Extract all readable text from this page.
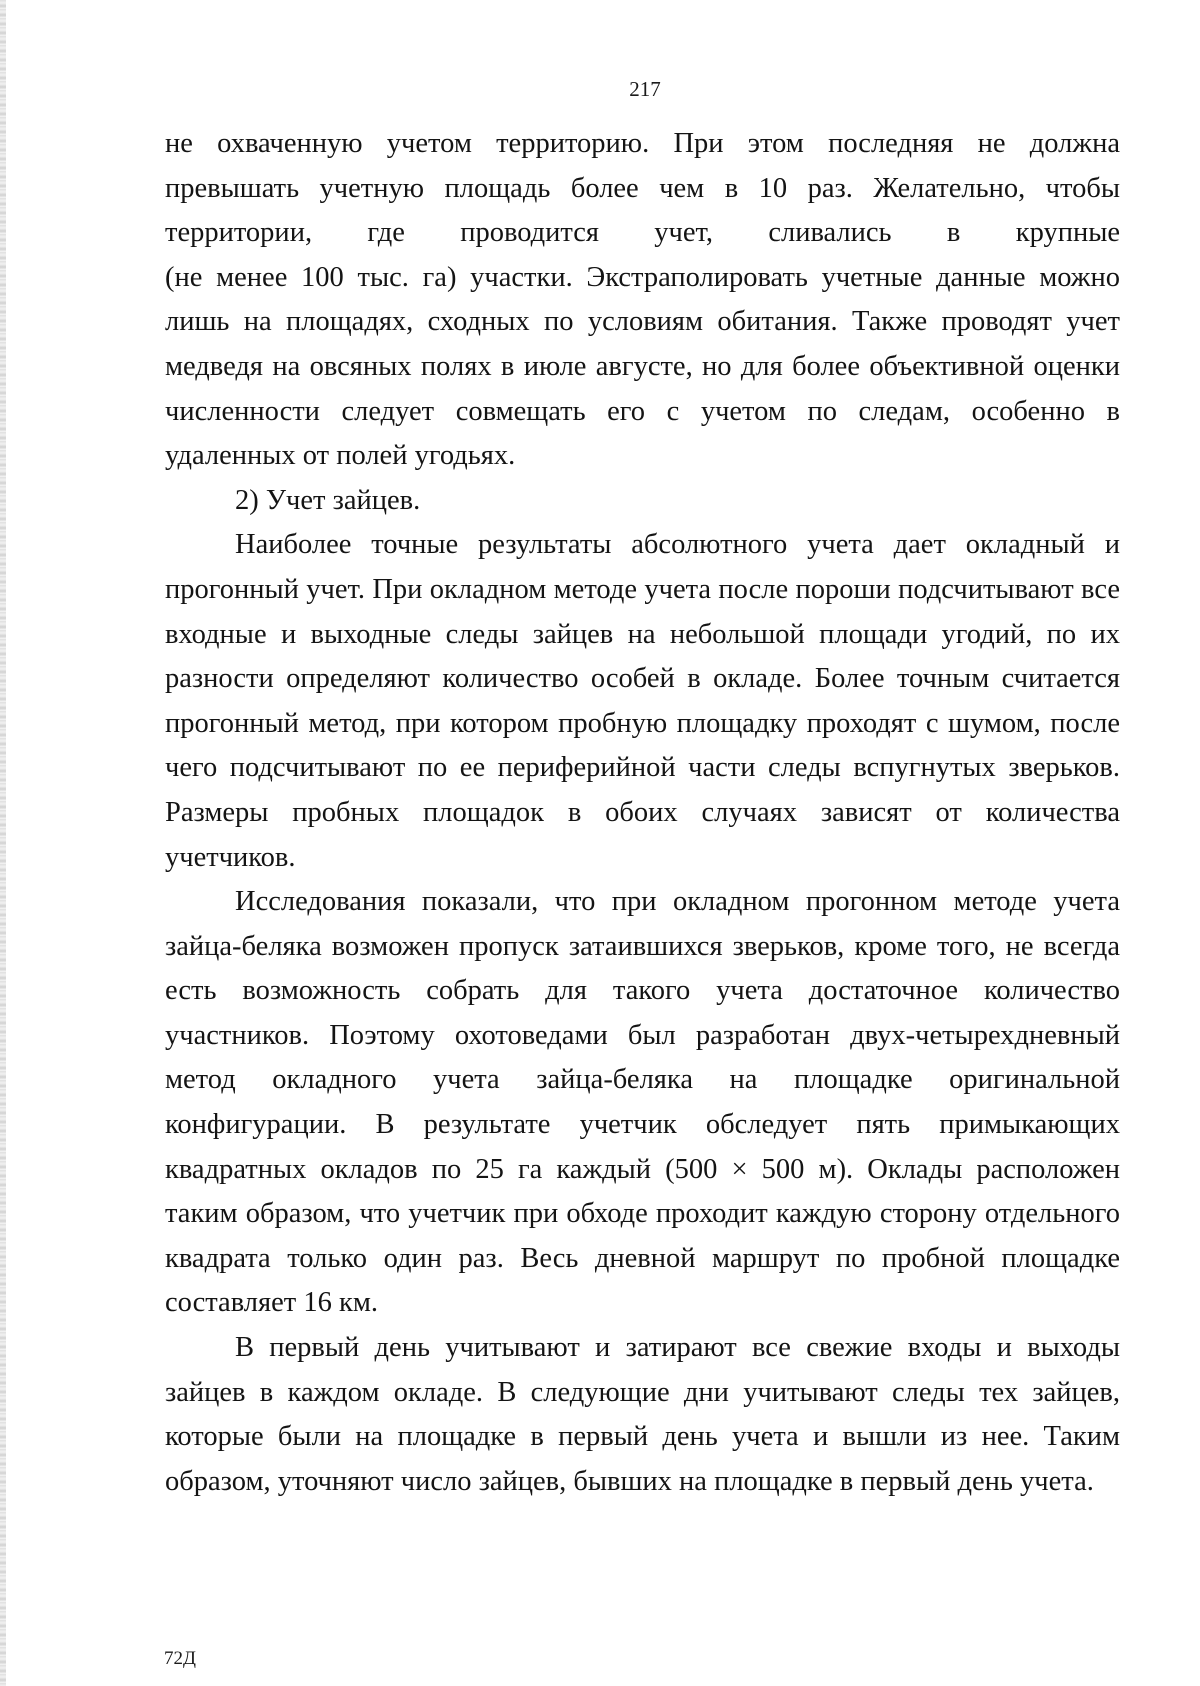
217

не охваченную учетом территорию. При этом последняя не должна превышать учетную площадь более чем в 10 раз. Желательно, чтобы

территории, где проводится учет, сливались в крупные

(не менее 100 тыс. га) участки. Экстраполировать учетные данные можно лишь на площадях, сходных по условиям обитания. Также проводят учет медведя на овсяных полях в июле августе, но для более объективной оценки численности следует совмещать его с учетом по следам, особенно в удаленных от полей угодьях.

2) Учет зайцев.

Наиболее точные результаты абсолютного учета дает окладный и прогонный учет. При окладном методе учета после пороши подсчитывают все входные и выходные следы зайцев на небольшой площади угодий, по их разности определяют количество особей в окладе. Более точным считается прогонный метод, при котором пробную площадку проходят с шумом, после чего подсчитывают по ее периферийной части следы вспугнутых зверьков. Размеры пробных площадок в обоих случаях зависят от количества учетчиков.

Исследования показали, что при окладном прогонном методе учета зайца-беляка возможен пропуск затаившихся зверьков, кроме того, не всегда есть возможность собрать для такого учета достаточное количество участников. Поэтому охотоведами был разработан двух-четырехдневный метод окладного учета зайца-беляка на площадке оригинальной конфигурации. В результате учетчик обследует пять примыкающих квадратных окладов по 25 га каждый (500 × 500 м). Оклады расположен таким образом, что учетчик при обходе проходит каждую сторону отдельного квадрата только один раз. Весь дневной маршрут по пробной площадке составляет 16 км.

В первый день учитывают и затирают все свежие входы и выходы зайцев в каждом окладе. В следующие дни учитывают следы тех зайцев, которые были на площадке в первый день учета и вышли из нее. Таким образом, уточняют число зайцев, бывших на площадке в первый день учета.

72Д
